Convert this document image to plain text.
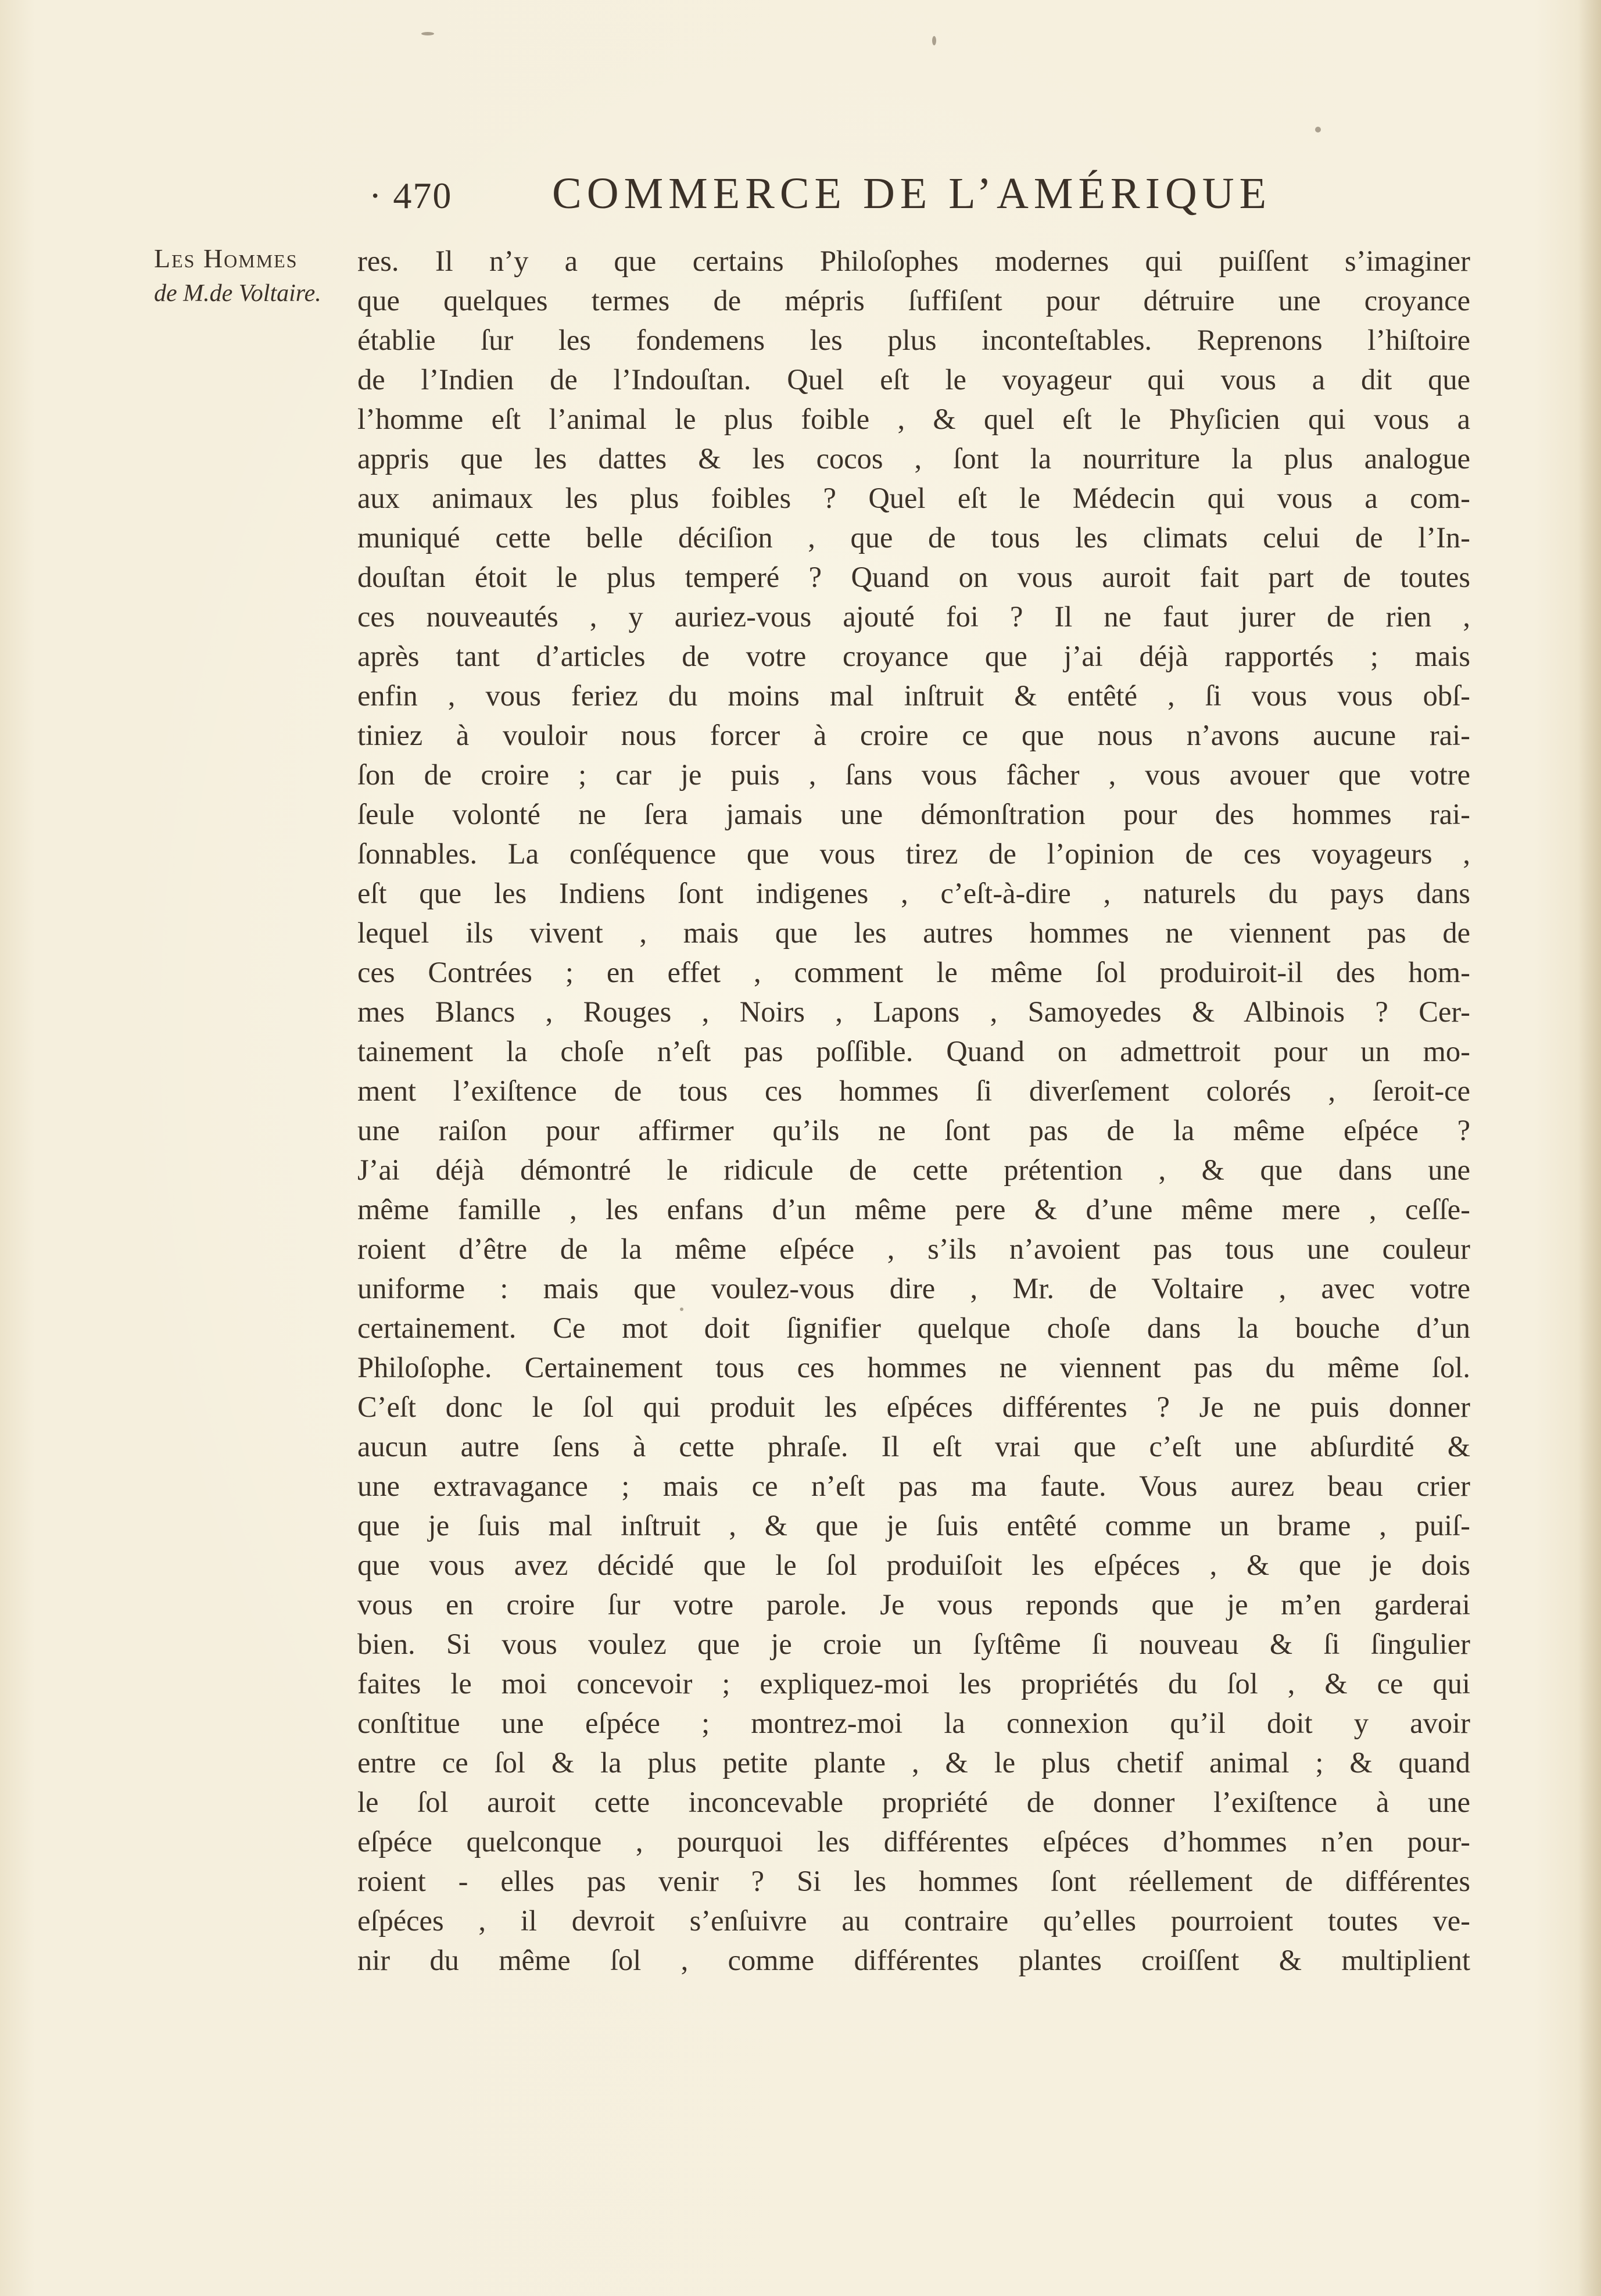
· 470 COMMERCE DE L’AMÉRIQUE
Les Hommes
de M.de Voltaire.
res. Il n’y a que certains Philoſophes modernes qui puiſſent s’imaginer
que quelques termes de mépris ſuffiſent pour détruire une croyance
établie ſur les fondemens les plus inconteſtables. Reprenons l’hiſtoire
de l’Indien de l’Indouſtan. Quel eſt le voyageur qui vous a dit que
l’homme eſt l’animal le plus foible , & quel eſt le Phyſicien qui vous a
appris que les dattes & les cocos , ſont la nourriture la plus analogue
aux animaux les plus foibles ? Quel eſt le Médecin qui vous a com-
muniqué cette belle déciſion , que de tous les climats celui de l’In-
douſtan étoit le plus temperé ? Quand on vous auroit fait part de toutes
ces nouveautés , y auriez-vous ajouté foi ? Il ne faut jurer de rien ,
après tant d’articles de votre croyance que j’ai déjà rapportés ; mais
enfin , vous feriez du moins mal inſtruit & entêté , ſi vous vous obſ-
tiniez à vouloir nous forcer à croire ce que nous n’avons aucune rai-
ſon de croire ; car je puis , ſans vous fâcher , vous avouer que votre
ſeule volonté ne ſera jamais une démonſtration pour des hommes rai-
ſonnables. La conſéquence que vous tirez de l’opinion de ces voyageurs ,
eſt que les Indiens ſont indigenes , c’eſt-à-dire , naturels du pays dans
lequel ils vivent , mais que les autres hommes ne viennent pas de
ces Contrées ; en effet , comment le même ſol produiroit-il des hom-
mes Blancs , Rouges , Noirs , Lapons , Samoyedes & Albinois ? Cer-
tainement la choſe n’eſt pas poſſible. Quand on admettroit pour un mo-
ment l’exiſtence de tous ces hommes ſi diverſement colorés , ſeroit-ce
une raiſon pour affirmer qu’ils ne ſont pas de la même eſpéce ?
J’ai déjà démontré le ridicule de cette prétention , & que dans une
même famille , les enfans d’un même pere & d’une même mere , ceſſe-
roient d’être de la même eſpéce , s’ils n’avoient pas tous une couleur
uniforme : mais que voulez-vous dire , Mr. de Voltaire , avec votre
certainement. Ce mot doit ſignifier quelque choſe dans la bouche d’un
Philoſophe. Certainement tous ces hommes ne viennent pas du même ſol.
C’eſt donc le ſol qui produit les eſpéces différentes ? Je ne puis donner
aucun autre ſens à cette phraſe. Il eſt vrai que c’eſt une abſurdité &
une extravagance ; mais ce n’eſt pas ma faute. Vous aurez beau crier
que je ſuis mal inſtruit , & que je ſuis entêté comme un brame , puiſ-
que vous avez décidé que le ſol produiſoit les eſpéces , & que je dois
vous en croire ſur votre parole. Je vous reponds que je m’en garderai
bien. Si vous voulez que je croie un ſyſtême ſi nouveau & ſi ſingulier
faites le moi concevoir ; expliquez-moi les propriétés du ſol , & ce qui
conſtitue une eſpéce ; montrez-moi la connexion qu’il doit y avoir
entre ce ſol & la plus petite plante , & le plus chetif animal ; & quand
le ſol auroit cette inconcevable propriété de donner l’exiſtence à une
eſpéce quelconque , pourquoi les différentes eſpéces d’hommes n’en pour-
roient - elles pas venir ? Si les hommes ſont réellement de différentes
eſpéces , il devroit s’enſuivre au contraire qu’elles pourroient toutes ve-
nir du même ſol , comme différentes plantes croiſſent & multiplient
